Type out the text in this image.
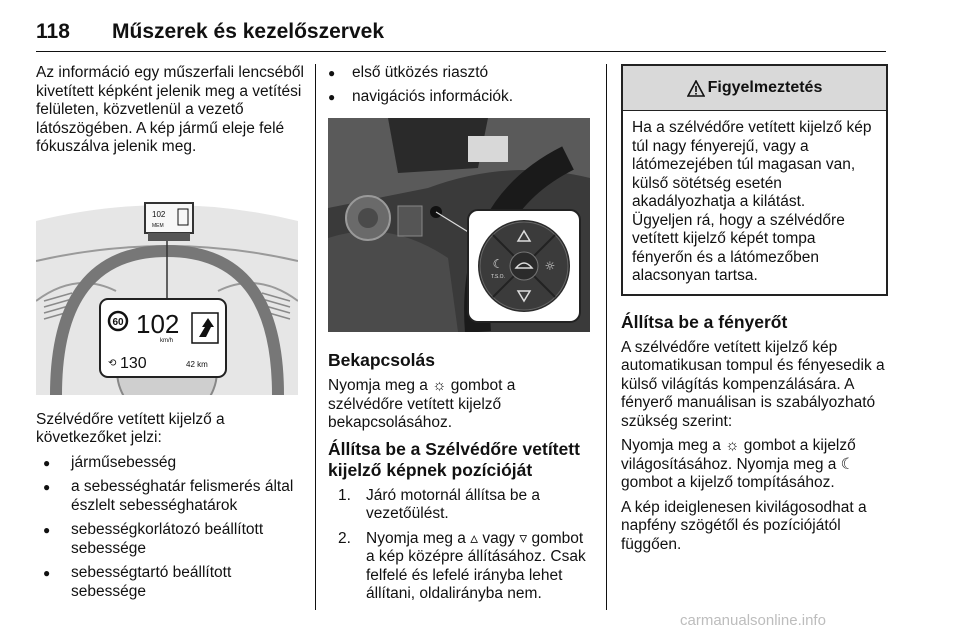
118 Műszerek és kezelőszervek

Az információ egy műszerfali lencséből kivetített képként jelenik meg a vetítési felületen, közvetlenül a vezető látószögében. A kép jármű eleje felé fókuszálva jelenik meg.

102
MEM
60 102
km/h
⟲ 130	42 km

Szélvédőre vetített kijelző a következőket jelzi:

● járműsebesség
● a sebességhatár felismerés által észlelt sebességhatárok
● sebességkorlátozó beállított sebessége
● sebességtartó beállított sebessége
● első ütközés riasztó
● navigációs információk.
☾
T.S.O.
☼
Bekapcsolás

Nyomja meg a ☼ gombot a szélvédőre vetített kijelző bekapcsolásához.

Állítsa be a Szélvédőre vetített kijelző képnek pozícióját
1. Járó motornál állítsa be a vezetőülést.
2. Nyomja meg a ▵ vagy ▿ gombot a kép középre állításához. Csak felfelé és lefelé irányba lehet állítani, oldalirányba nem.
Figyelmeztetés
Ha a szélvédőre vetített kijelző kép
túl nagy fényerejű, vagy a
látómezejében túl magasan van,
külső sötétség esetén
akadályozhatja a kilátást.
Ügyeljen rá, hogy a szélvédőre
vetített kijelző képét tompa
fényerőn és a látómezőben
alacsonyan tartsa.
Állítsa be a fényerőt

A szélvédőre vetített kijelző kép automatikusan tompul és fényesedik a külső világítás kompenzálására. A fényerő manuálisan is szabályozható szükség szerint:

Nyomja meg a ☼ gombot a kijelző világosításához. Nyomja meg a ☾ gombot a kijelző tompításához.

A kép ideiglenesen kivilágosodhat a napfény szögétől és pozíciójától függően.

carmanualsonline.info
